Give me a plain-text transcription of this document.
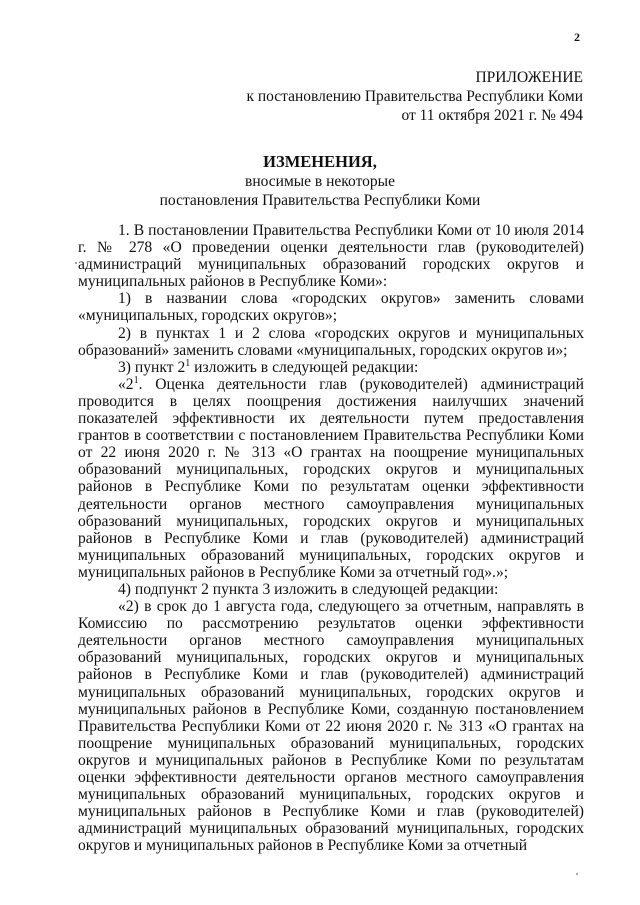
2
ПРИЛОЖЕНИЕ
к постановлению Правительства Республики Коми
от 11 октября 2021 г. № 494
ИЗМЕНЕНИЯ,
вносимые в некоторые
постановления Правительства Республики Коми

1. В постановлении Правительства Республики Коми от 10 июля 2014 г. № 278 «О проведении оценки деятельности глав (руководителей) администраций муниципальных образований городских округов и муниципальных районов в Республике Коми»:

1) в названии слова «городских округов» заменить словами «муниципальных, городских округов»;

2) в пунктах 1 и 2 слова «городских округов и муниципальных образований» заменить словами «муниципальных, городских округов и»;

3) пункт $2^1$ изложить в следующей редакции:

«$2^1$. Оценка деятельности глав (руководителей) администраций проводится в целях поощрения достижения наилучших значений показателей эффективности их деятельности путем предоставления грантов в соответствии с постановлением Правительства Республики Коми от 22 июня 2020 г. № 313 «О грантах на поощрение муниципальных образований муниципальных, городских округов и муниципальных районов в Республике Коми по результатам оценки эффективности деятельности органов местного самоуправления муниципальных образований муниципальных, городских округов и муниципальных районов в Республике Коми и глав (руководителей) администраций муниципальных образований муниципальных, городских округов и муниципальных районов в Республике Коми за отчетный год».»;

4) подпункт 2 пункта 3 изложить в следующей редакции:

«2) в срок до 1 августа года, следующего за отчетным, направлять в Комиссию по рассмотрению результатов оценки эффективности деятельности органов местного самоуправления муниципальных образований муниципальных, городских округов и муниципальных районов в Республике Коми и глав (руководителей) администраций муниципальных образований муниципальных, городских округов и муниципальных районов в Республике Коми, созданную постановлением Правительства Республики Коми от 22 июня 2020 г. № 313 «О грантах на поощрение муниципальных образований муниципальных, городских округов и муниципальных районов в Республике Коми по результатам оценки эффективности деятельности органов местного самоуправления муниципальных образований муниципальных, городских округов и муниципальных районов в Республике Коми и глав (руководителей) администраций муниципальных образований муниципальных, городских округов и муниципальных районов в Республике Коми за отчетный
